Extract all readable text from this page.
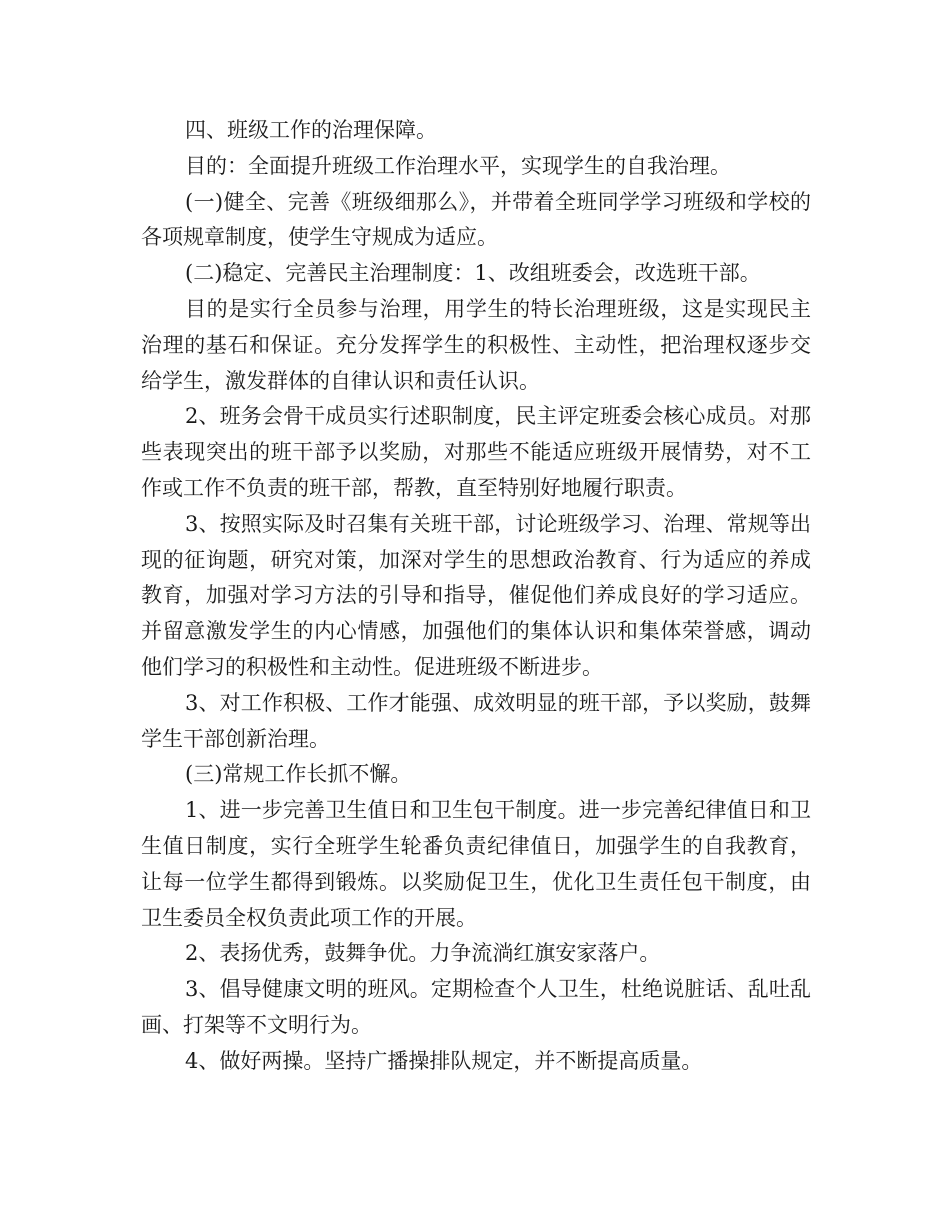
四、班级工作的治理保障。

目的：全面提升班级工作治理水平，实现学生的自我治理。

(一)健全、完善《班级细那么》，并带着全班同学学习班级和学校的各项规章制度，使学生守规成为适应。

(二)稳定、完善民主治理制度：1、改组班委会，改选班干部。

目的是实行全员参与治理，用学生的特长治理班级，这是实现民主治理的基石和保证。充分发挥学生的积极性、主动性，把治理权逐步交给学生，激发群体的自律认识和责任认识。

2、班务会骨干成员实行述职制度，民主评定班委会核心成员。对那些表现突出的班干部予以奖励，对那些不能适应班级开展情势，对不工作或工作不负责的班干部，帮教，直至特别好地履行职责。

3、按照实际及时召集有关班干部，讨论班级学习、治理、常规等出现的征询题，研究对策，加深对学生的思想政治教育、行为适应的养成教育，加强对学习方法的引导和指导，催促他们养成良好的学习适应。并留意激发学生的内心情感，加强他们的集体认识和集体荣誉感，调动他们学习的积极性和主动性。促进班级不断进步。

3、对工作积极、工作才能强、成效明显的班干部，予以奖励，鼓舞学生干部创新治理。

(三)常规工作长抓不懈。

1、进一步完善卫生值日和卫生包干制度。进一步完善纪律值日和卫生值日制度，实行全班学生轮番负责纪律值日，加强学生的自我教育，让每一位学生都得到锻炼。以奖励促卫生，优化卫生责任包干制度，由卫生委员全权负责此项工作的开展。

2、表扬优秀，鼓舞争优。力争流淌红旗安家落户。

3、倡导健康文明的班风。定期检查个人卫生，杜绝说脏话、乱吐乱画、打架等不文明行为。

4、做好两操。坚持广播操排队规定，并不断提高质量。
